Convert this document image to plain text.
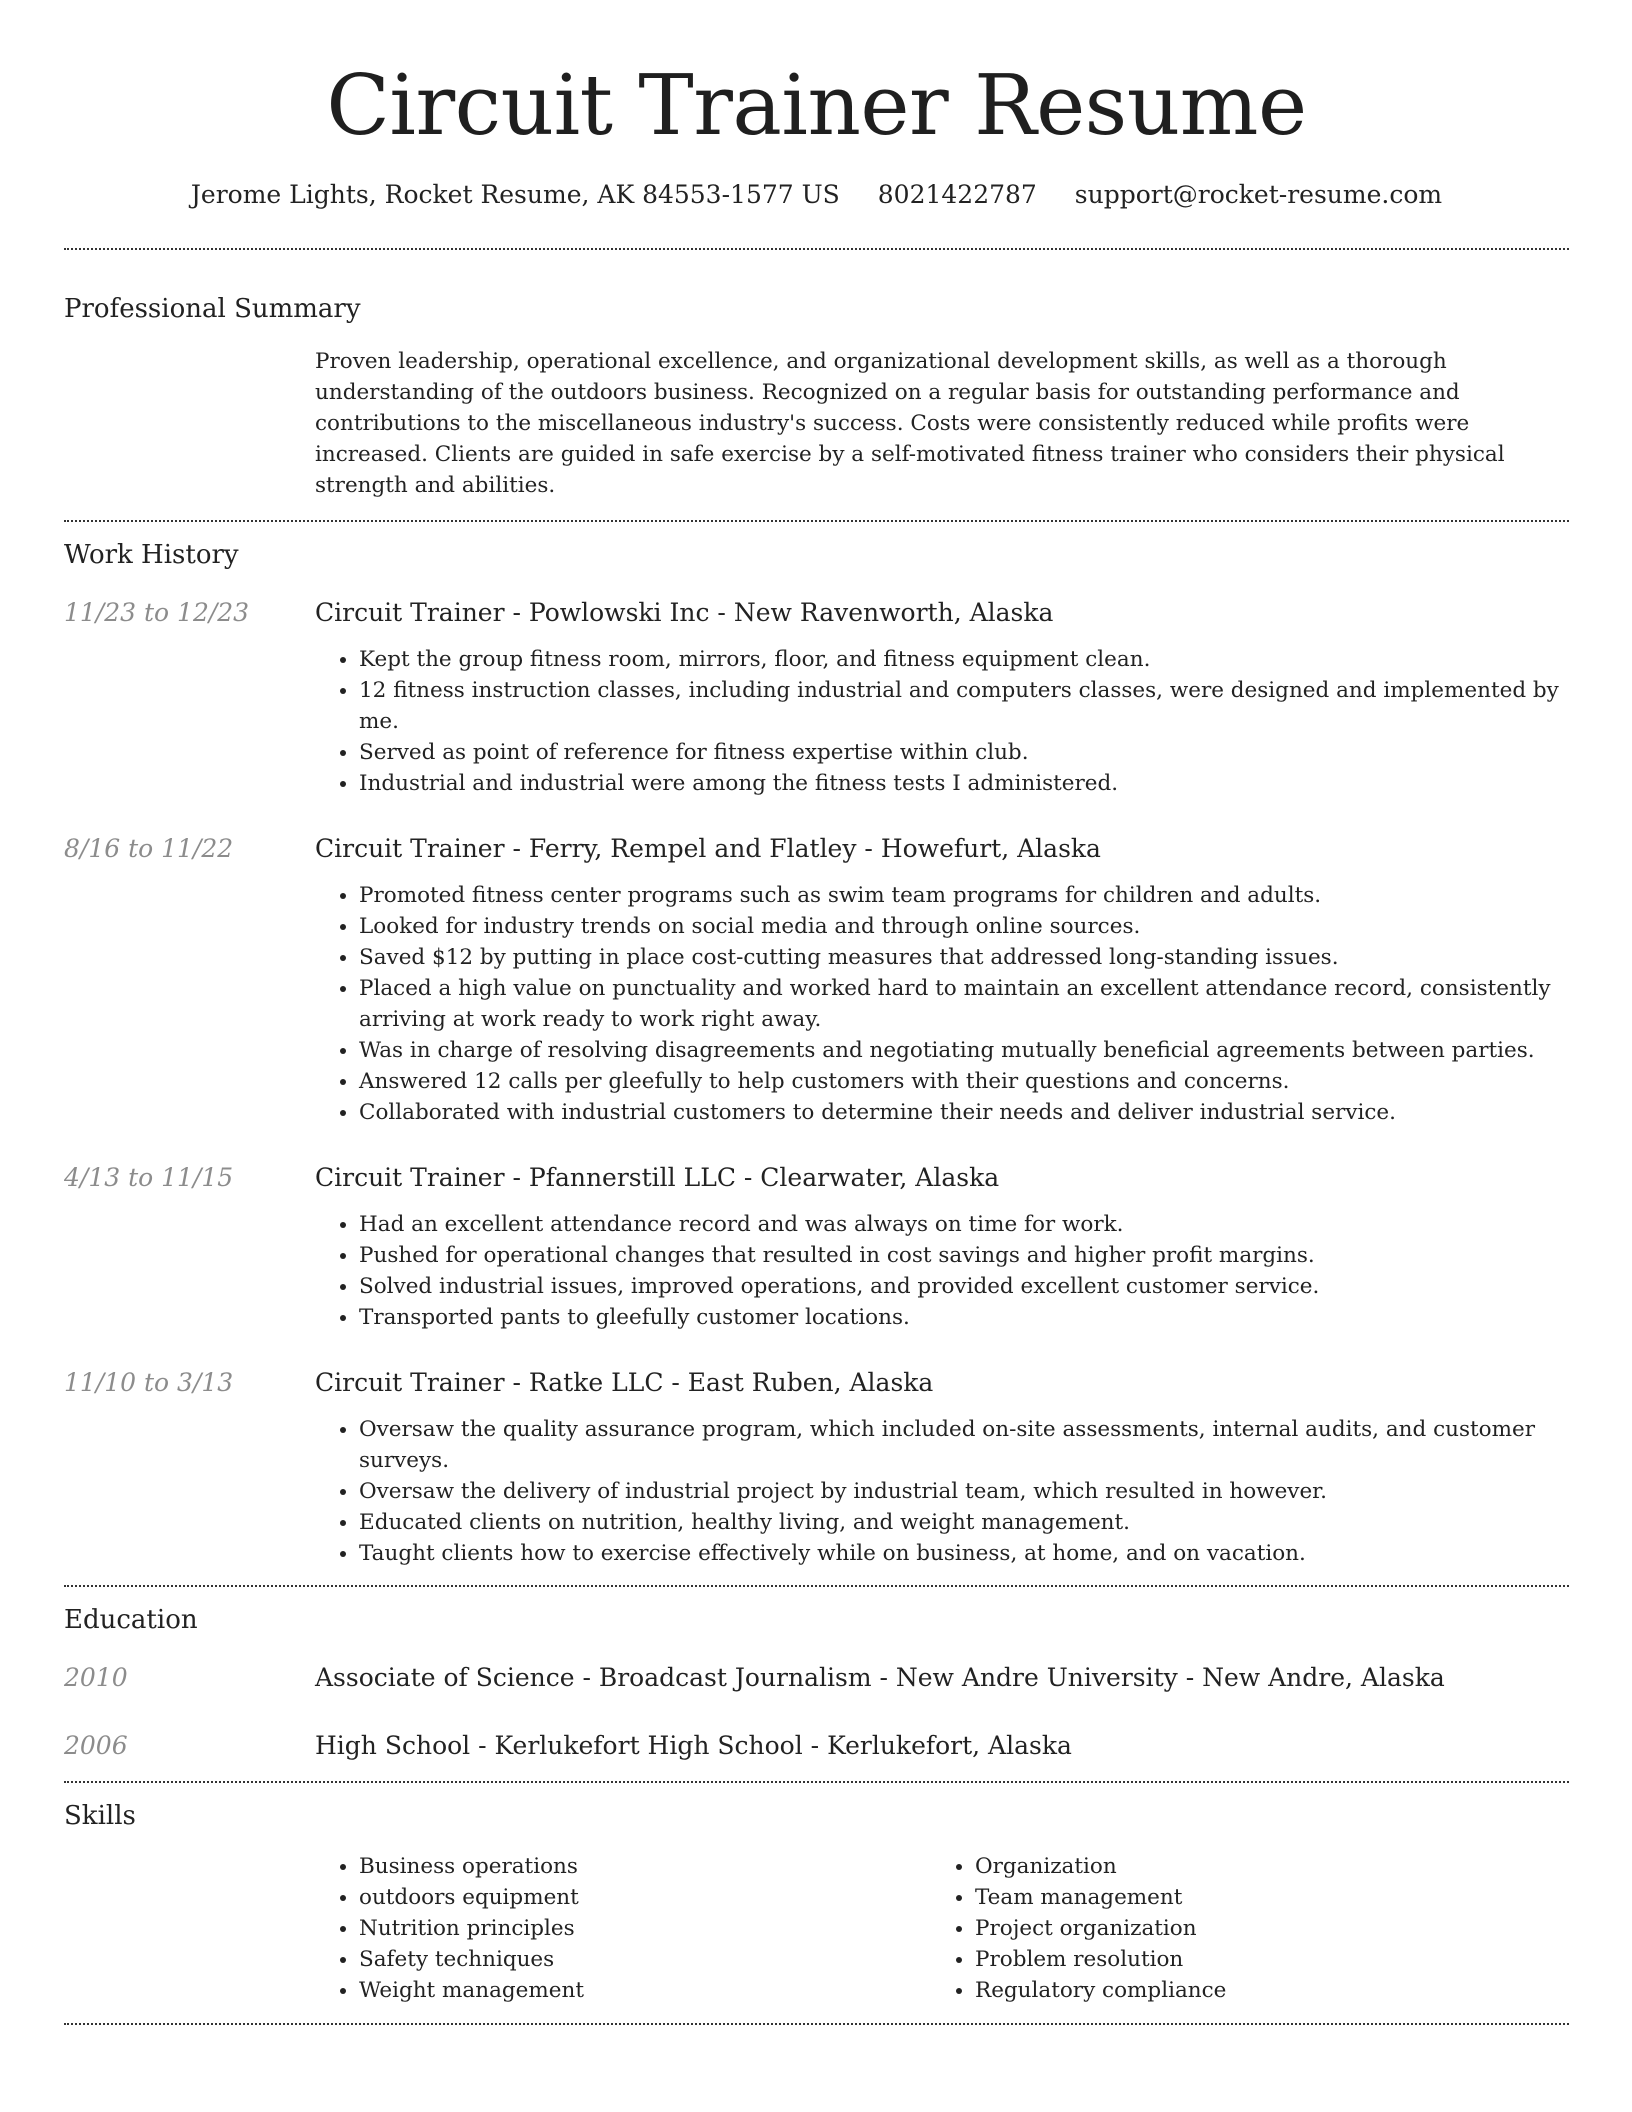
Circuit Trainer Resume
Jerome Lights, Rocket Resume, AK 84553-1577 US 8021422787 support@rocket-resume.com
Professional Summary

Proven leadership, operational excellence, and organizational development skills, as well as a thorough understanding of the outdoors business. Recognized on a regular basis for outstanding performance and contributions to the miscellaneous industry's success. Costs were consistently reduced while profits were increased. Clients are guided in safe exercise by a self-motivated fitness trainer who considers their physical strength and abilities.

Work History
11/23 to 12/23	Circuit Trainer - Powlowski Inc - New Ravenworth, Alaska
• Kept the group fitness room, mirrors, floor, and fitness equipment clean.
• 12 fitness instruction classes, including industrial and computers classes, were designed and implemented by me.
• Served as point of reference for fitness expertise within club.
• Industrial and industrial were among the fitness tests I administered.
8/16 to 11/22	Circuit Trainer - Ferry, Rempel and Flatley - Howefurt, Alaska
• Promoted fitness center programs such as swim team programs for children and adults.
• Looked for industry trends on social media and through online sources.
• Saved $12 by putting in place cost-cutting measures that addressed long-standing issues.
• Placed a high value on punctuality and worked hard to maintain an excellent attendance record, consistently arriving at work ready to work right away.
• Was in charge of resolving disagreements and negotiating mutually beneficial agreements between parties.
• Answered 12 calls per gleefully to help customers with their questions and concerns.
• Collaborated with industrial customers to determine their needs and deliver industrial service.
4/13 to 11/15	Circuit Trainer - Pfannerstill LLC - Clearwater, Alaska
• Had an excellent attendance record and was always on time for work.
• Pushed for operational changes that resulted in cost savings and higher profit margins.
• Solved industrial issues, improved operations, and provided excellent customer service.
• Transported pants to gleefully customer locations.
11/10 to 3/13	Circuit Trainer - Ratke LLC - East Ruben, Alaska
• Oversaw the quality assurance program, which included on-site assessments, internal audits, and customer surveys.
• Oversaw the delivery of industrial project by industrial team, which resulted in however.
• Educated clients on nutrition, healthy living, and weight management.
• Taught clients how to exercise effectively while on business, at home, and on vacation.
Education
2010	Associate of Science - Broadcast Journalism - New Andre University - New Andre, Alaska
2006	High School - Kerlukefort High School - Kerlukefort, Alaska
Skills
• Business operations
• outdoors equipment
• Nutrition principles
• Safety techniques
• Weight management
• Organization
• Team management
• Project organization
• Problem resolution
• Regulatory compliance
